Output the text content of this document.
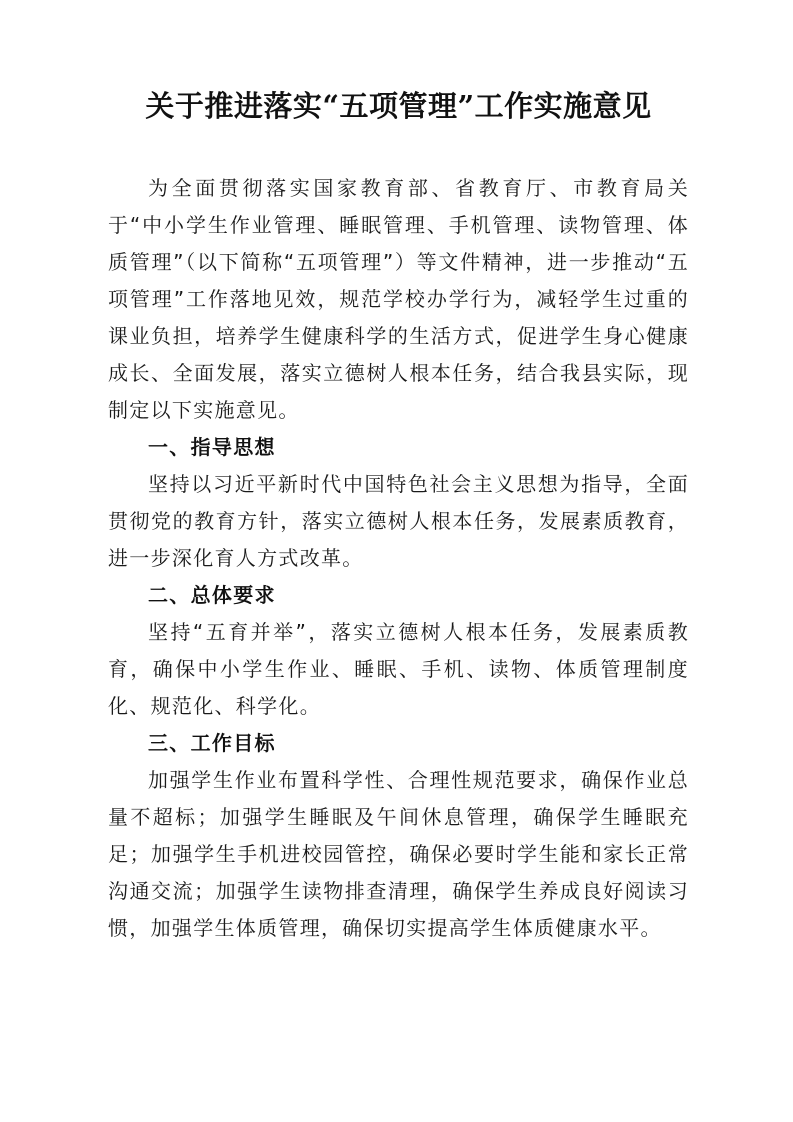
关于推进落实“五项管理”工作实施意见

为全面贯彻落实国家教育部、省教育厅、市教育局关于“中小学生作业管理、睡眠管理、手机管理、读物管理、体质管理”（以下简称“五项管理”）等文件精神，进一步推动“五项管理”工作落地见效，规范学校办学行为，减轻学生过重的课业负担，培养学生健康科学的生活方式，促进学生身心健康成长、全面发展，落实立德树人根本任务，结合我县实际，现制定以下实施意见。

一、指导思想

坚持以习近平新时代中国特色社会主义思想为指导，全面贯彻党的教育方针，落实立德树人根本任务，发展素质教育，进一步深化育人方式改革。

二、总体要求

坚持“五育并举”，落实立德树人根本任务，发展素质教育，确保中小学生作业、睡眠、手机、读物、体质管理制度化、规范化、科学化。

三、工作目标

加强学生作业布置科学性、合理性规范要求，确保作业总量不超标；加强学生睡眠及午间休息管理，确保学生睡眠充足；加强学生手机进校园管控，确保必要时学生能和家长正常沟通交流；加强学生读物排查清理，确保学生养成良好阅读习惯，加强学生体质管理，确保切实提高学生体质健康水平。
